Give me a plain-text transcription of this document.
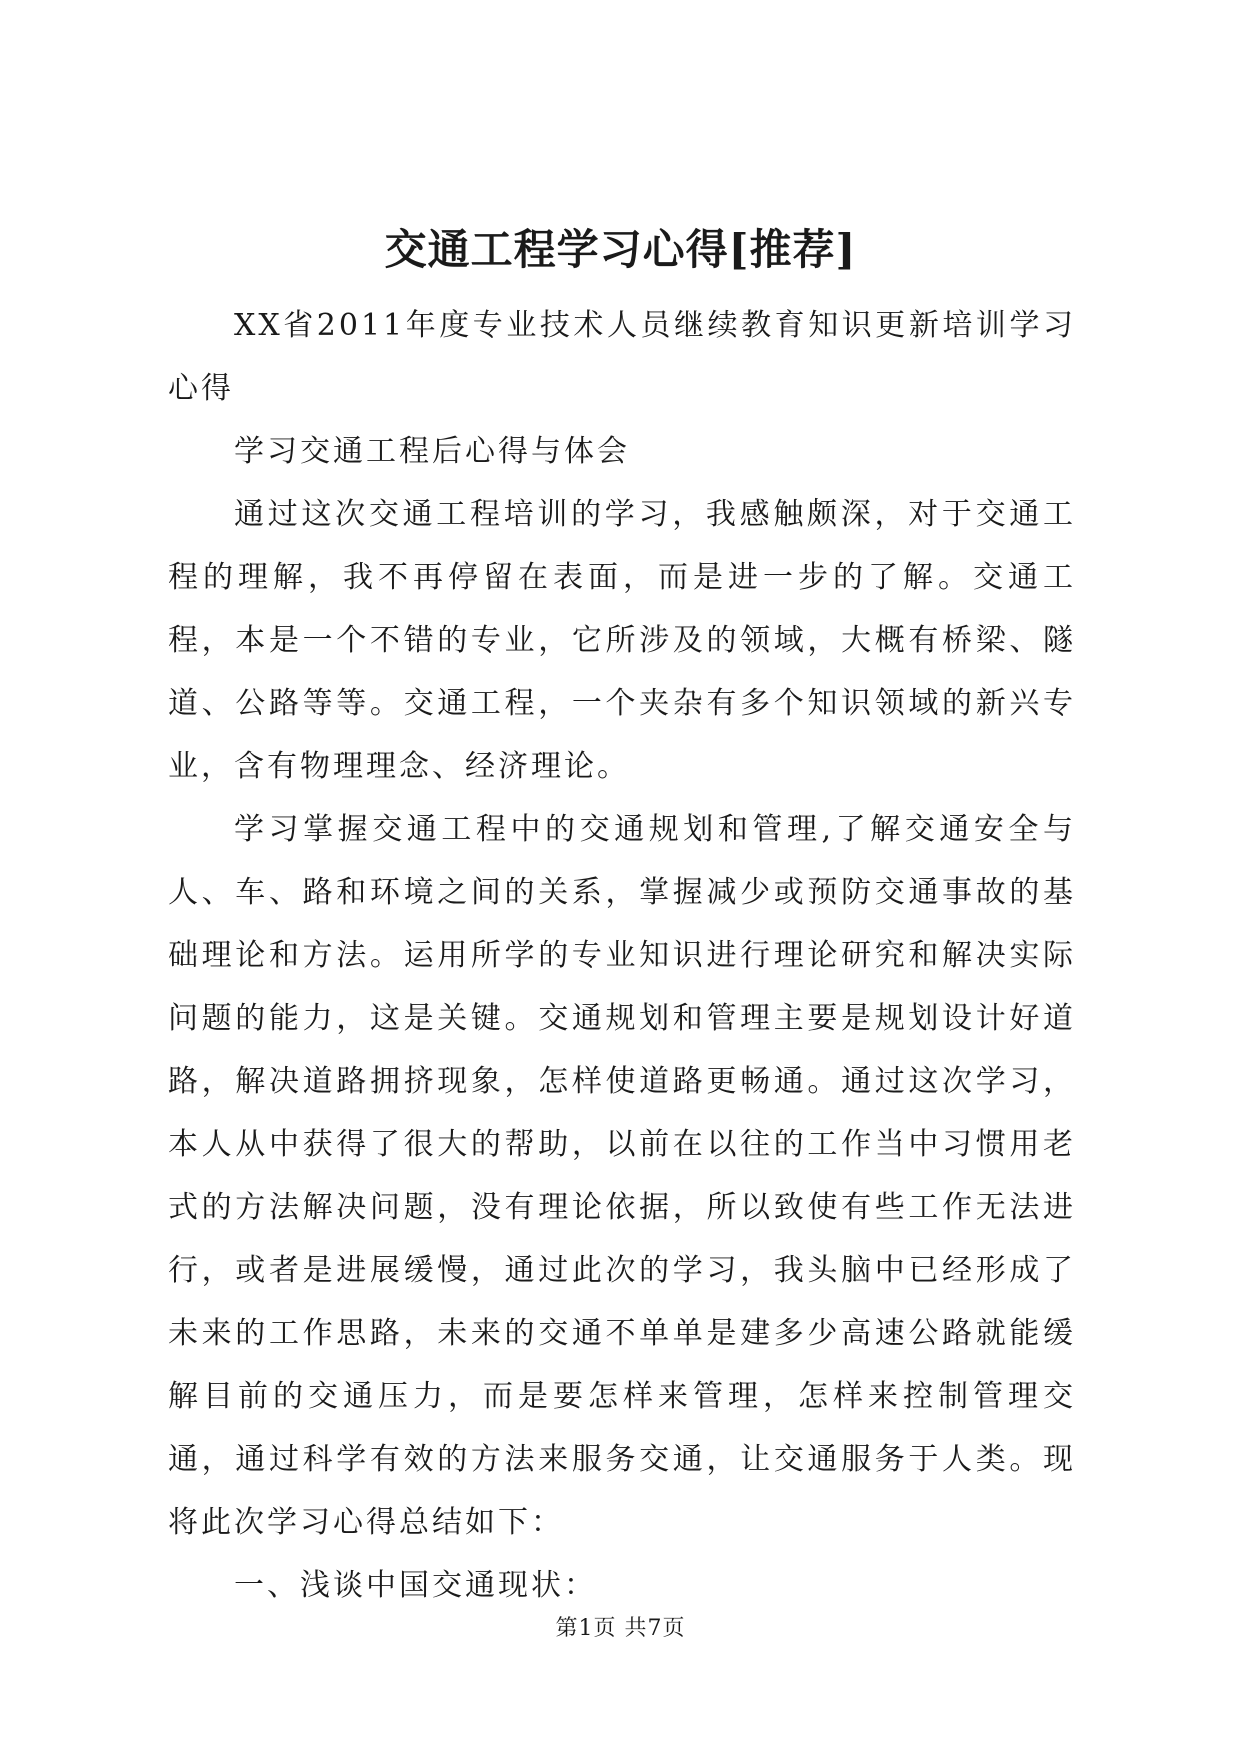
交通工程学习心得[推荐]

XX省2011年度专业技术人员继续教育知识更新培训学习心得

学习交通工程后心得与体会

通过这次交通工程培训的学习，我感触颇深，对于交通工程的理解，我不再停留在表面，而是进一步的了解。交通工程，本是一个不错的专业，它所涉及的领域，大概有桥梁、隧道、公路等等。交通工程，一个夹杂有多个知识领域的新兴专业，含有物理理念、经济理论。

学习掌握交通工程中的交通规划和管理,了解交通安全与人、车、路和环境之间的关系，掌握减少或预防交通事故的基础理论和方法。运用所学的专业知识进行理论研究和解决实际问题的能力，这是关键。交通规划和管理主要是规划设计好道路，解决道路拥挤现象，怎样使道路更畅通。通过这次学习，本人从中获得了很大的帮助，以前在以往的工作当中习惯用老式的方法解决问题，没有理论依据，所以致使有些工作无法进行，或者是进展缓慢，通过此次的学习，我头脑中已经形成了未来的工作思路，未来的交通不单单是建多少高速公路就能缓解目前的交通压力，而是要怎样来管理，怎样来控制管理交通，通过科学有效的方法来服务交通，让交通服务于人类。现将此次学习心得总结如下：

一、浅谈中国交通现状：

第1页 共7页
